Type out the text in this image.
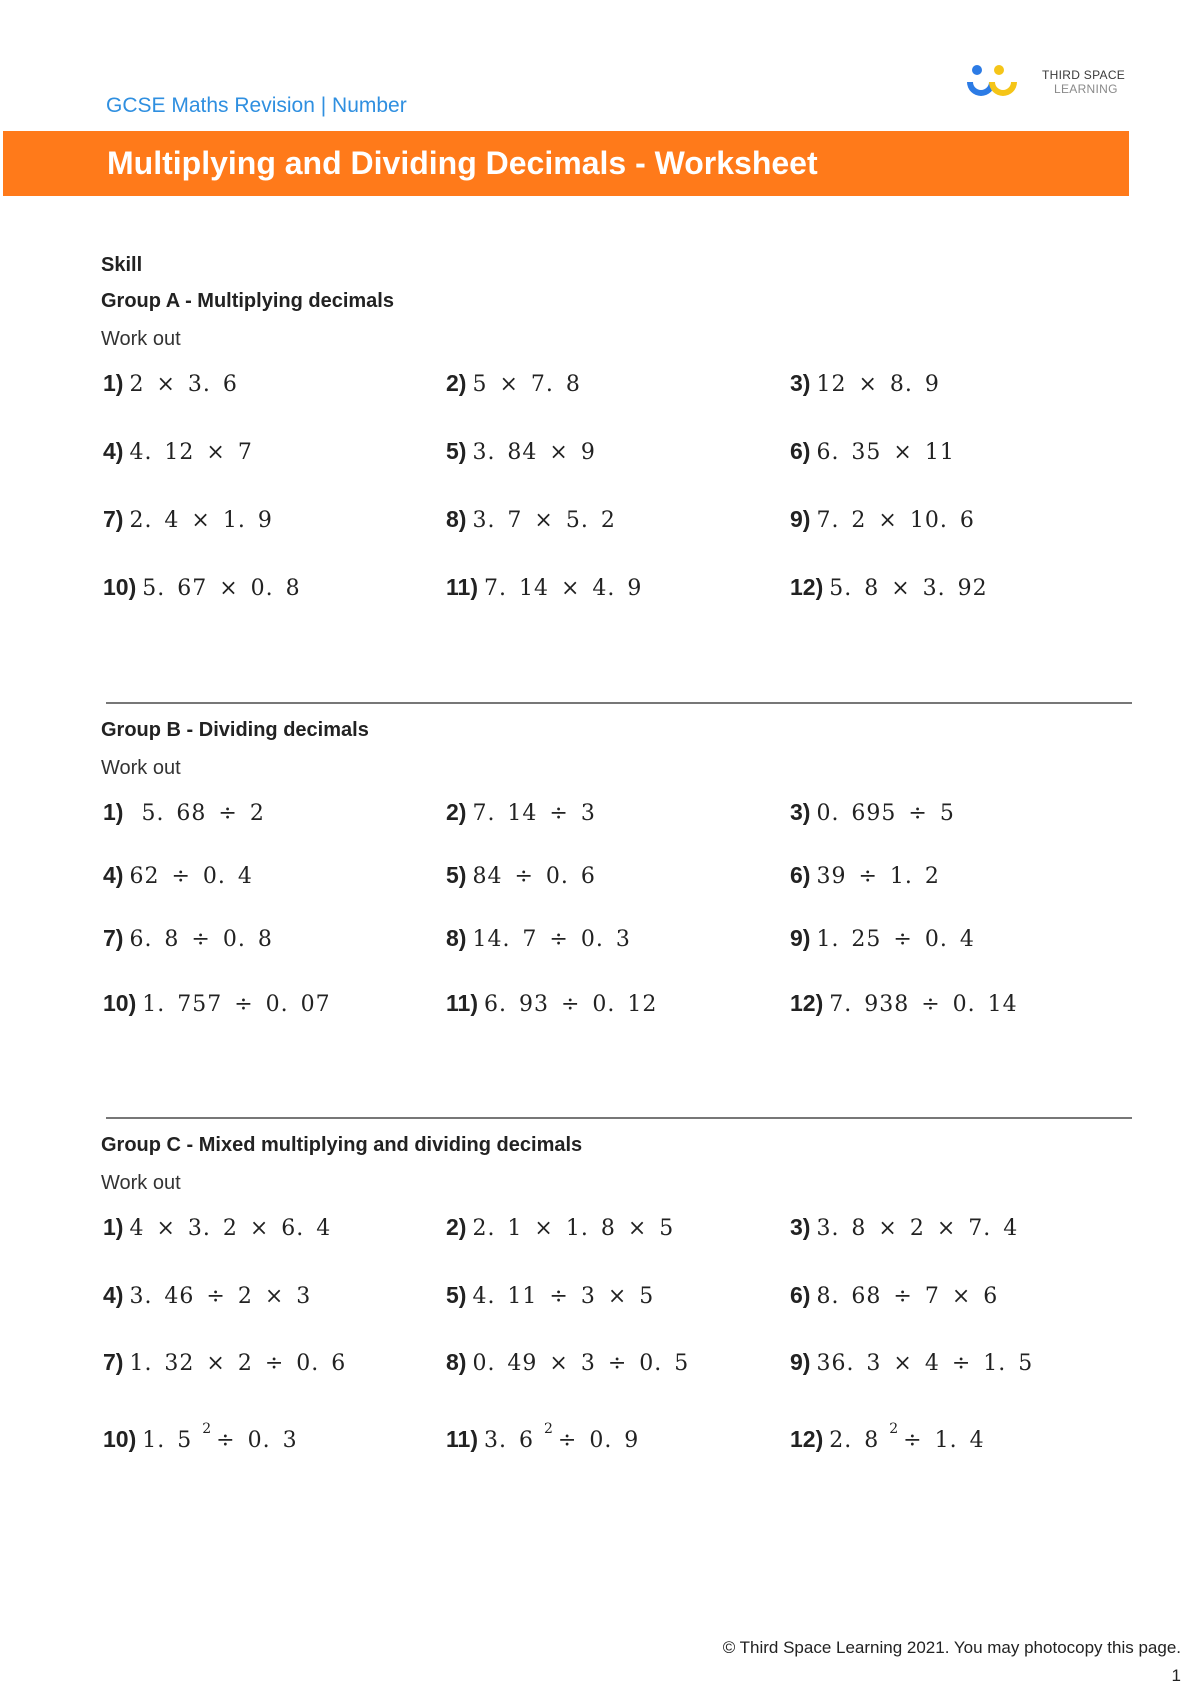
GCSE Maths Revision | Number
THIRD SPACE
LEARNING
Multiplying and Dividing Decimals - Worksheet
Skill
Group A - Multiplying decimals
Work out
1) 2 × 3. 6	2) 5 × 7. 8	3) 12 × 8. 9
4) 4. 12 × 7	5) 3. 84 × 9	6) 6. 35 × 11
7) 2. 4 × 1. 9	8) 3. 7 × 5. 2	9) 7. 2 × 10. 6
10) 5. 67 × 0. 8	11) 7. 14 × 4. 9	12) 5. 8 × 3. 92
Group B - Dividing decimals
Work out
1) 5. 68 ÷ 2	2) 7. 14 ÷ 3	3) 0. 695 ÷ 5
4) 62 ÷ 0. 4	5) 84 ÷ 0. 6	6) 39 ÷ 1. 2
7) 6. 8 ÷ 0. 8	8) 14. 7 ÷ 0. 3	9) 1. 25 ÷ 0. 4
10) 1. 757 ÷ 0. 07	11) 6. 93 ÷ 0. 12	12) 7. 938 ÷ 0. 14
Group C - Mixed multiplying and dividing decimals
Work out
1) 4 × 3. 2 × 6. 4	2) 2. 1 × 1. 8 × 5	3) 3. 8 × 2 × 7. 4
4) 3. 46 ÷ 2 × 3	5) 4. 11 ÷ 3 × 5	6) 8. 68 ÷ 7 × 6
7) 1. 32 × 2 ÷ 0. 6	8) 0. 49 × 3 ÷ 0. 5	9) 36. 3 × 4 ÷ 1. 5
10) 1. 5 $^2$ ÷ 0. 3	11) 3. 6 $^2$ ÷ 0. 9	12) 2. 8 $^2$ ÷ 1. 4
© Third Space Learning 2021. You may photocopy this page.
1
